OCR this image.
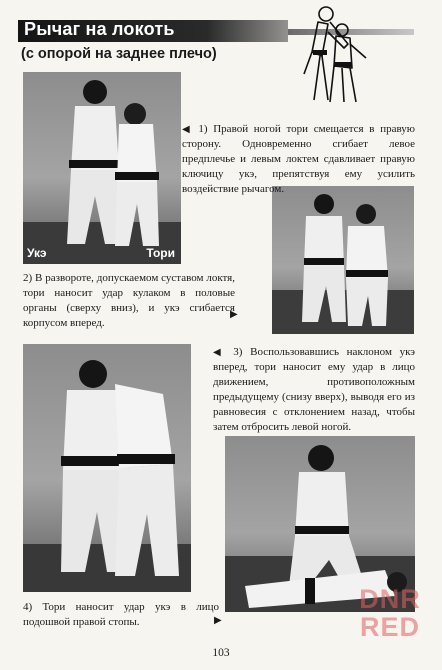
Рычаг на локоть
(с опорой на заднее плечо)
Укэ	Тори
◀ 1) Правой ногой тори смещается в правую сторону. Одновременно сгибает левое предплечье и левым локтем сдавливает правую ключицу укэ, препятствуя ему усилить воздействие рычагом.
2) В развороте, допускаемом суставом локтя, тори наносит удар кулаком в половые органы (сверху вниз), и укэ сгибается корпусом вперед.
▶
◀ 3) Воспользовавшись наклоном укэ вперед, тори наносит ему удар в лицо движением, противоположным предыдущему (снизу вверх), выводя его из равновесия с отклонением назад, чтобы затем отбросить левой ногой.
4) Тори наносит удар укэ в лицо подошвой правой стопы.	▶
103
DNR
RED
